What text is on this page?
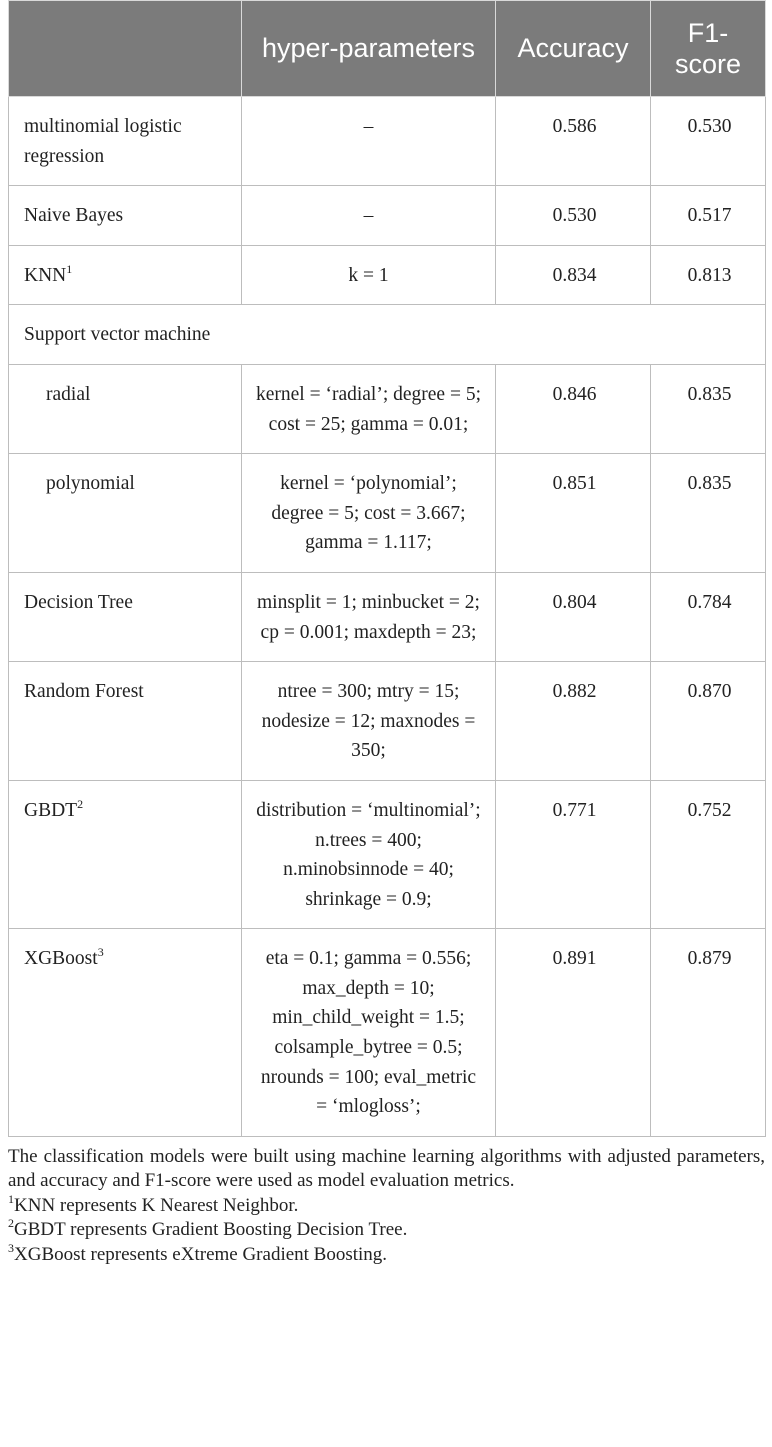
	hyper-parameters	Accuracy	F1-score
multinomial logistic regression	–	0.586	0.530
Naive Bayes	–	0.530	0.517
KNN$^1$	k = 1	0.834	0.813
Support vector machine			
radial	kernel = ‘radial’; degree = 5; cost = 25; gamma = 0.01;	0.846	0.835
polynomial	kernel = ‘polynomial’; degree = 5; cost = 3.667; gamma = 1.117;	0.851	0.835
Decision Tree	minsplit = 1; minbucket = 2; cp = 0.001; maxdepth = 23;	0.804	0.784
Random Forest	ntree = 300; mtry = 15; nodesize = 12; maxnodes = 350;	0.882	0.870
GBDT$^2$	distribution = ‘multinomial’; n.trees = 400; n.minobsinnode = 40; shrinkage = 0.9;	0.771	0.752
XGBoost$^3$	eta = 0.1; gamma = 0.556; max_depth = 10; min_child_weight = 1.5; colsample_bytree = 0.5; nrounds = 100; eval_metric = ‘mlogloss’;	0.891	0.879

The classification models were built using machine learning algorithms with adjusted parameters, and accuracy and F1-score were used as model evaluation metrics.

$^1$KNN represents K Nearest Neighbor.

$^2$GBDT represents Gradient Boosting Decision Tree.

$^3$XGBoost represents eXtreme Gradient Boosting.
